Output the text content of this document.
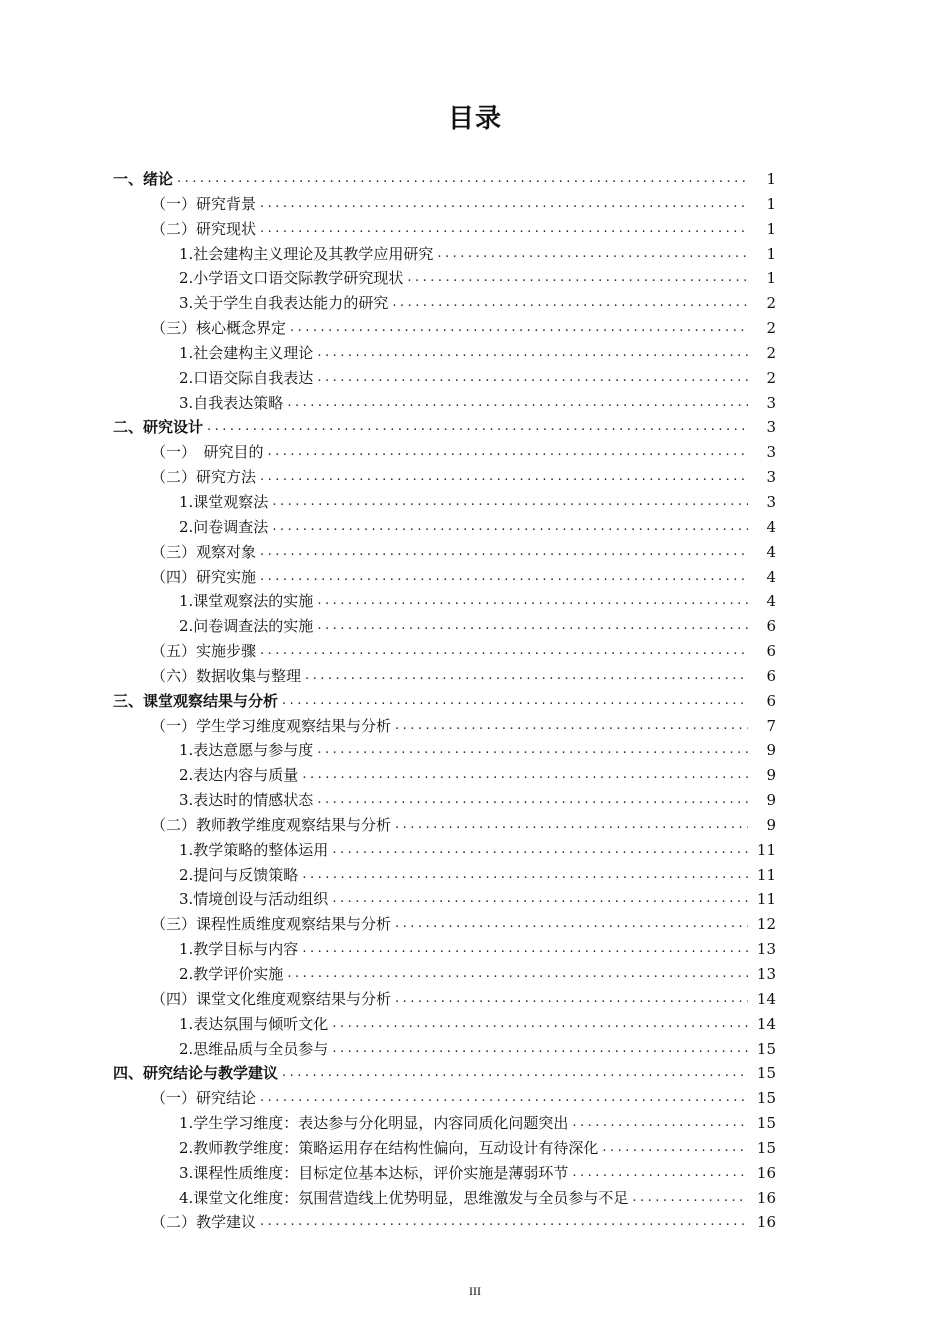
目录
一、绪论 .....	1
（一）研究背景 .....	1
（二）研究现状 .....	1
1.社会建构主义理论及其教学应用研究 .....	1
2.小学语文口语交际教学研究现状 .....	1
3.关于学生自我表达能力的研究 .....	2
（三）核心概念界定 .....	2
1.社会建构主义理论 .....	2
2.口语交际自我表达 .....	2
3.自我表达策略 .....	3
二、研究设计 .....	3
（一）　研究目的 .....	3
（二）研究方法 .....	3
1.课堂观察法 .....	3
2.问卷调查法 .....	4
（三）观察对象 .....	4
（四）研究实施 .....	4
1.课堂观察法的实施 .....	4
2.问卷调查法的实施 .....	6
（五）实施步骤 .....	6
（六）数据收集与整理 .....	6
三、课堂观察结果与分析 .....	6
（一）学生学习维度观察结果与分析 .....	7
1.表达意愿与参与度 .....	9
2.表达内容与质量 .....	9
3.表达时的情感状态 .....	9
（二）教师教学维度观察结果与分析 .....	9
1.教学策略的整体运用 .....	11
2.提问与反馈策略 .....	11
3.情境创设与活动组织 .....	11
（三）课程性质维度观察结果与分析 .....	12
1.教学目标与内容 .....	13
2.教学评价实施 .....	13
（四）课堂文化维度观察结果与分析 .....	14
1.表达氛围与倾听文化 .....	14
2.思维品质与全员参与 .....	15
四、研究结论与教学建议 .....	15
（一）研究结论 .....	15
1.学生学习维度：表达参与分化明显，内容同质化问题突出 .....	15
2.教师教学维度：策略运用存在结构性偏向，互动设计有待深化 .....	15
3.课程性质维度：目标定位基本达标，评价实施是薄弱环节 .....	16
4.课堂文化维度：氛围营造线上优势明显，思维激发与全员参与不足 .....	16
（二）教学建议 .....	16
III
